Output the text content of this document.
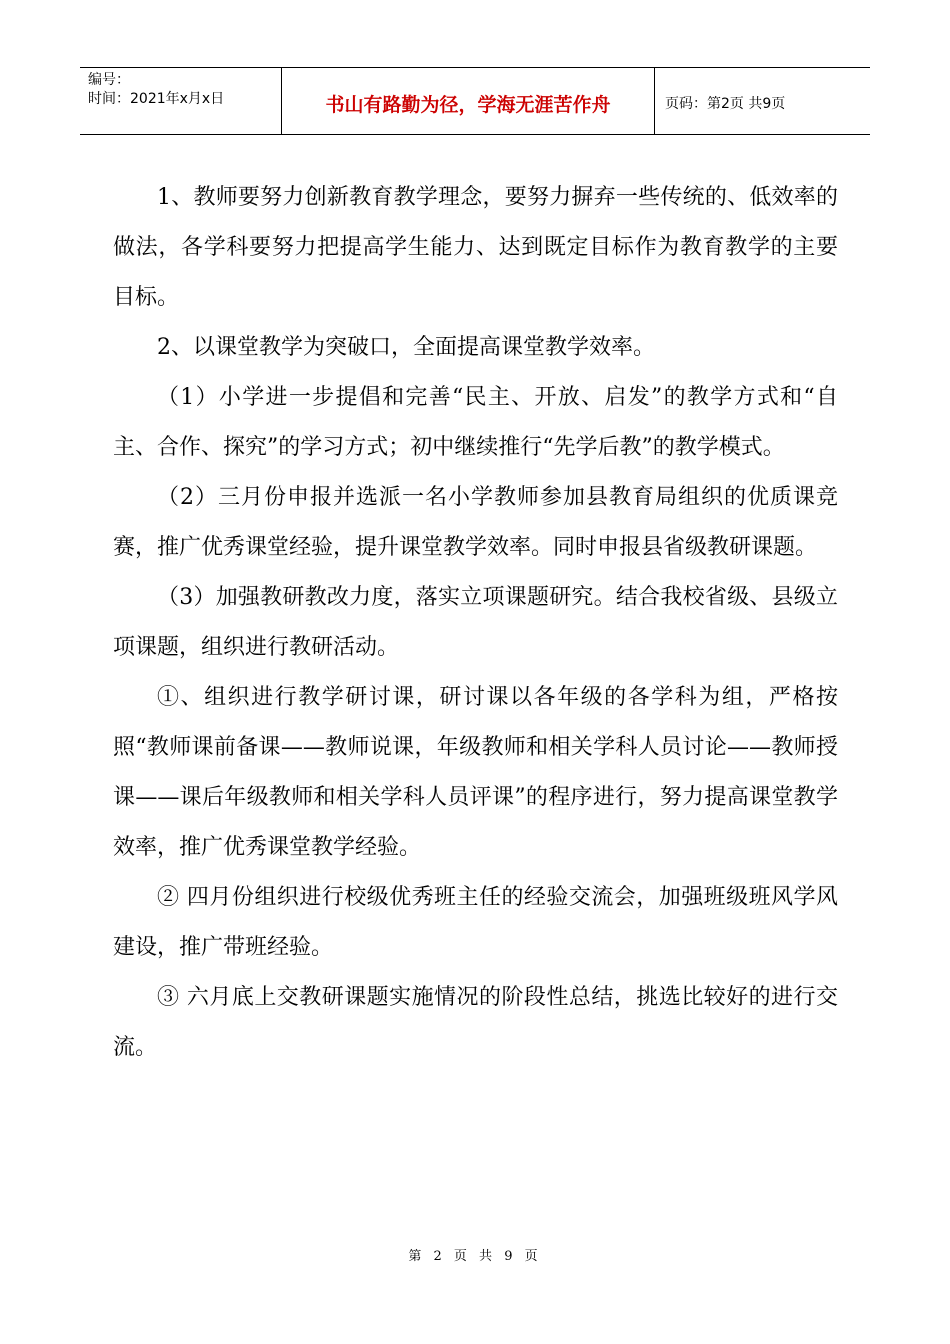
编号：
时间：2021年x月x日	书山有路勤为径，学海无涯苦作舟	页码：第2页 共9页

1、教师要努力创新教育教学理念，要努力摒弃一些传统的、低效率的做法，各学科要努力把提高学生能力、达到既定目标作为教育教学的主要目标。

2、以课堂教学为突破口，全面提高课堂教学效率。

（1）小学进一步提倡和完善“民主、开放、启发”的教学方式和“自主、合作、探究”的学习方式；初中继续推行“先学后教”的教学模式。

（2）三月份申报并选派一名小学教师参加县教育局组织的优质课竞赛，推广优秀课堂经验，提升课堂教学效率。同时申报县省级教研课题。

（3）加强教研教改力度，落实立项课题研究。结合我校省级、县级立项课题，组织进行教研活动。

①、组织进行教学研讨课，研讨课以各年级的各学科为组，严格按照“教师课前备课——教师说课，年级教师和相关学科人员讨论——教师授课——课后年级教师和相关学科人员评课”的程序进行，努力提高课堂教学效率，推广优秀课堂教学经验。

② 四月份组织进行校级优秀班主任的经验交流会，加强班级班风学风建设，推广带班经验。

③ 六月底上交教研课题实施情况的阶段性总结，挑选比较好的进行交流。

第 2 页 共 9 页
